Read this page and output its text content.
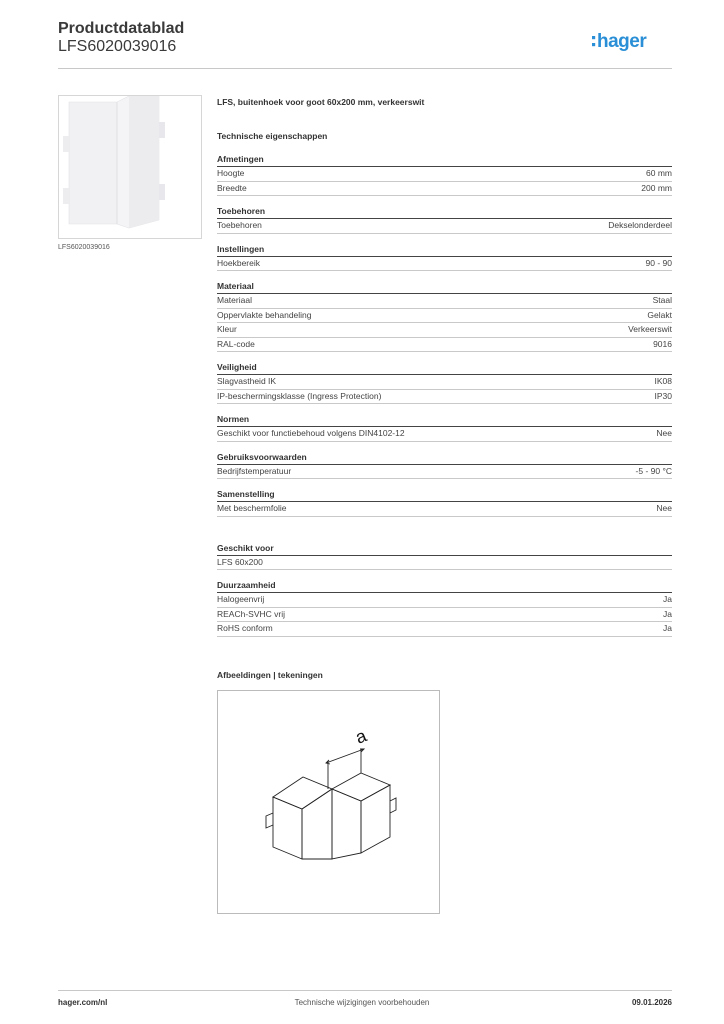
Productdatablad
LFS6020039016	hager
LFS6020039016
LFS, buitenhoek voor goot 60x200 mm, verkeerswit
Technische eigenschappen
Afmetingen
Hoogte	60 mm
Breedte	200 mm
Toebehoren
Toebehoren	Dekselonderdeel
Instellingen
Hoekbereik	90 - 90
Materiaal
Materiaal	Staal
Oppervlakte behandeling	Gelakt
Kleur	Verkeerswit
RAL-code	9016
Veiligheid
Slagvastheid IK	IK08
IP-beschermingsklasse (Ingress Protection)	IP30
Normen
Geschikt voor functiebehoud volgens DIN4102-12	Nee
Gebruiksvoorwaarden
Bedrijfstemperatuur	-5 - 90 °C
Samenstelling
Met beschermfolie	Nee
Geschikt voor
LFS 60x200
Duurzaamheid
Halogeenvrij	Ja
REACh-SVHC vrij	Ja
RoHS conform	Ja
Afbeeldingen | tekeningen
a
hager.com/nl	Technische wijzigingen voorbehouden	09.01.2026
